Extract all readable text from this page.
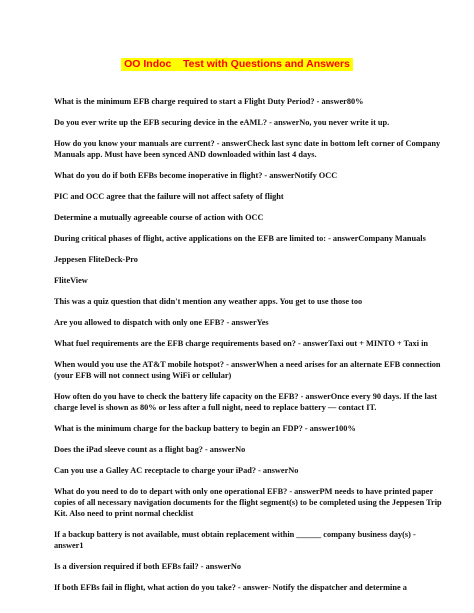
OO Indoc    Test with Questions and Answers

What is the minimum EFB charge required to start a Flight Duty Period? - answer80%

Do you ever write up the EFB securing device in the eAML? - answerNo, you never write it up.

How do you know your manuals are current? - answerCheck last sync date in bottom left corner of Company Manuals app. Must have been synced AND downloaded within last 4 days.

What do you do if both EFBs become inoperative in flight? - answerNotify OCC

PIC and OCC agree that the failure will not affect safety of flight

Determine a mutually agreeable course of action with OCC

During critical phases of flight, active applications on the EFB are limited to: - answerCompany Manuals

Jeppesen FliteDeck-Pro

FliteView

This was a quiz question that didn't mention any weather apps. You get to use those too

Are you allowed to dispatch with only one EFB? - answerYes

What fuel requirements are the EFB charge requirements based on? - answerTaxi out + MINTO + Taxi in

When would you use the AT&T mobile hotspot? - answerWhen a need arises for an alternate EFB connection (your EFB will not connect using WiFi or cellular)

How often do you have to check the battery life capacity on the EFB? - answerOnce every 90 days. If the last charge level is shown as 80% or less after a full night, need to replace battery — contact IT.

What is the minimum charge for the backup battery to begin an FDP? - answer100%

Does the iPad sleeve count as a flight bag? - answerNo

Can you use a Galley AC receptacle to charge your iPad? - answerNo

What do you need to do to depart with only one operational EFB? - answerPM needs to have printed paper copies of all necessary navigation documents for the flight segment(s) to be completed using the Jeppesen Trip Kit. Also need to print normal checklist

If a backup battery is not available, must obtain replacement within ______ company business day(s) - answer1

Is a diversion required if both EFBs fail? - answerNo

If both EFBs fail in flight, what action do you take? - answer- Notify the dispatcher and determine a
